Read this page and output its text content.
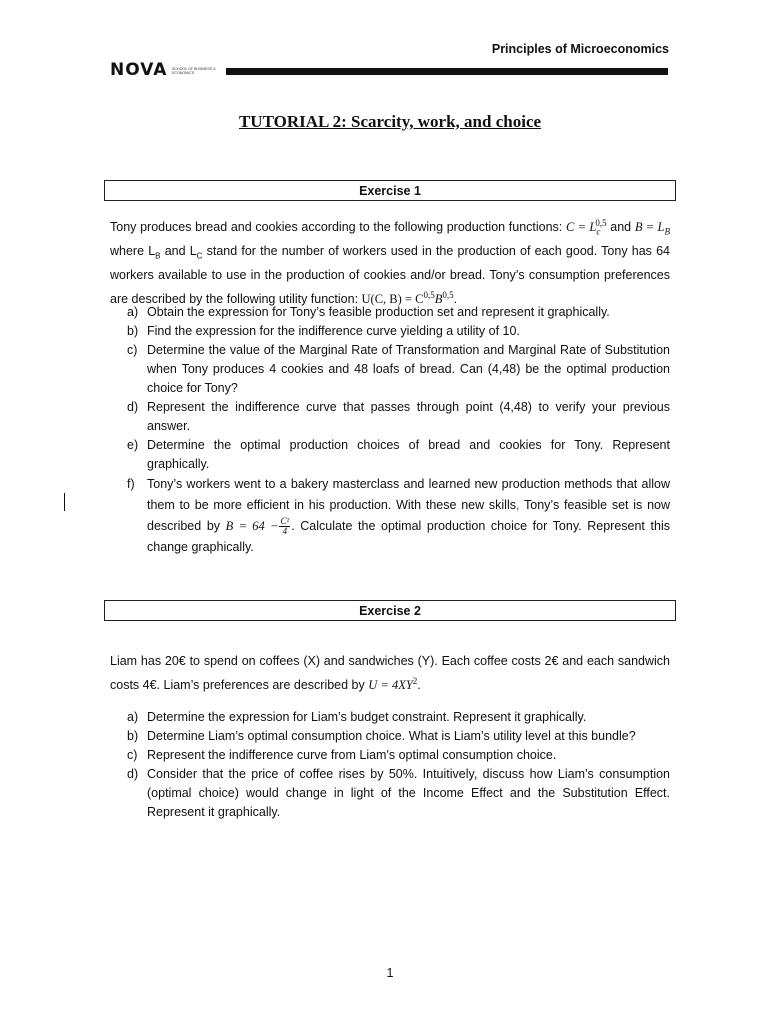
Principles of Microeconomics
NOVA SCHOOL OF BUSINESS & ECONOMICS
TUTORIAL 2: Scarcity, work, and choice
Exercise 1
Tony produces bread and cookies according to the following production functions: $C = L_c^{0,5}$ and $B = L_B$ where $L_B$ and $L_C$ stand for the number of workers used in the production of each good. Tony has 64 workers available to use in the production of cookies and/or bread. Tony’s consumption preferences are described by the following utility function: U(C, $B) = C^{0,5}B^{0,5}$.
a) Obtain the expression for Tony’s feasible production set and represent it graphically.
b) Find the expression for the indifference curve yielding a utility of 10.
c) Determine the value of the Marginal Rate of Transformation and Marginal Rate of Substitution when Tony produces 4 cookies and 48 loafs of bread. Can (4,48) be the optimal production choice for Tony?
d) Represent the indifference curve that passes through point (4,48) to verify your previous answer.
e) Determine the optimal production choices of bread and cookies for Tony. Represent graphically.
f) Tony’s workers went to a bakery masterclass and learned new production methods that allow them to be more efficient in his production. With these new skills, Tony’s feasible set is now described by $B = 64 - \frac{\text{C²}}{4}$ . Calculate the optimal production choice for Tony. Represent this change graphically.
Exercise 2
Liam has 20€ to spend on coffees (X) and sandwiches (Y). Each coffee costs 2€ and each sandwich costs 4€. Liam’s preferences are described by $U = 4XY^2$.
a) Determine the expression for Liam’s budget constraint. Represent it graphically.
b) Determine Liam’s optimal consumption choice. What is Liam’s utility level at this bundle?
c) Represent the indifference curve from Liam's optimal consumption choice.
d) Consider that the price of coffee rises by 50%. Intuitively, discuss how Liam’s consumption (optimal choice) would change in light of the Income Effect and the Substitution Effect. Represent it graphically.
1
